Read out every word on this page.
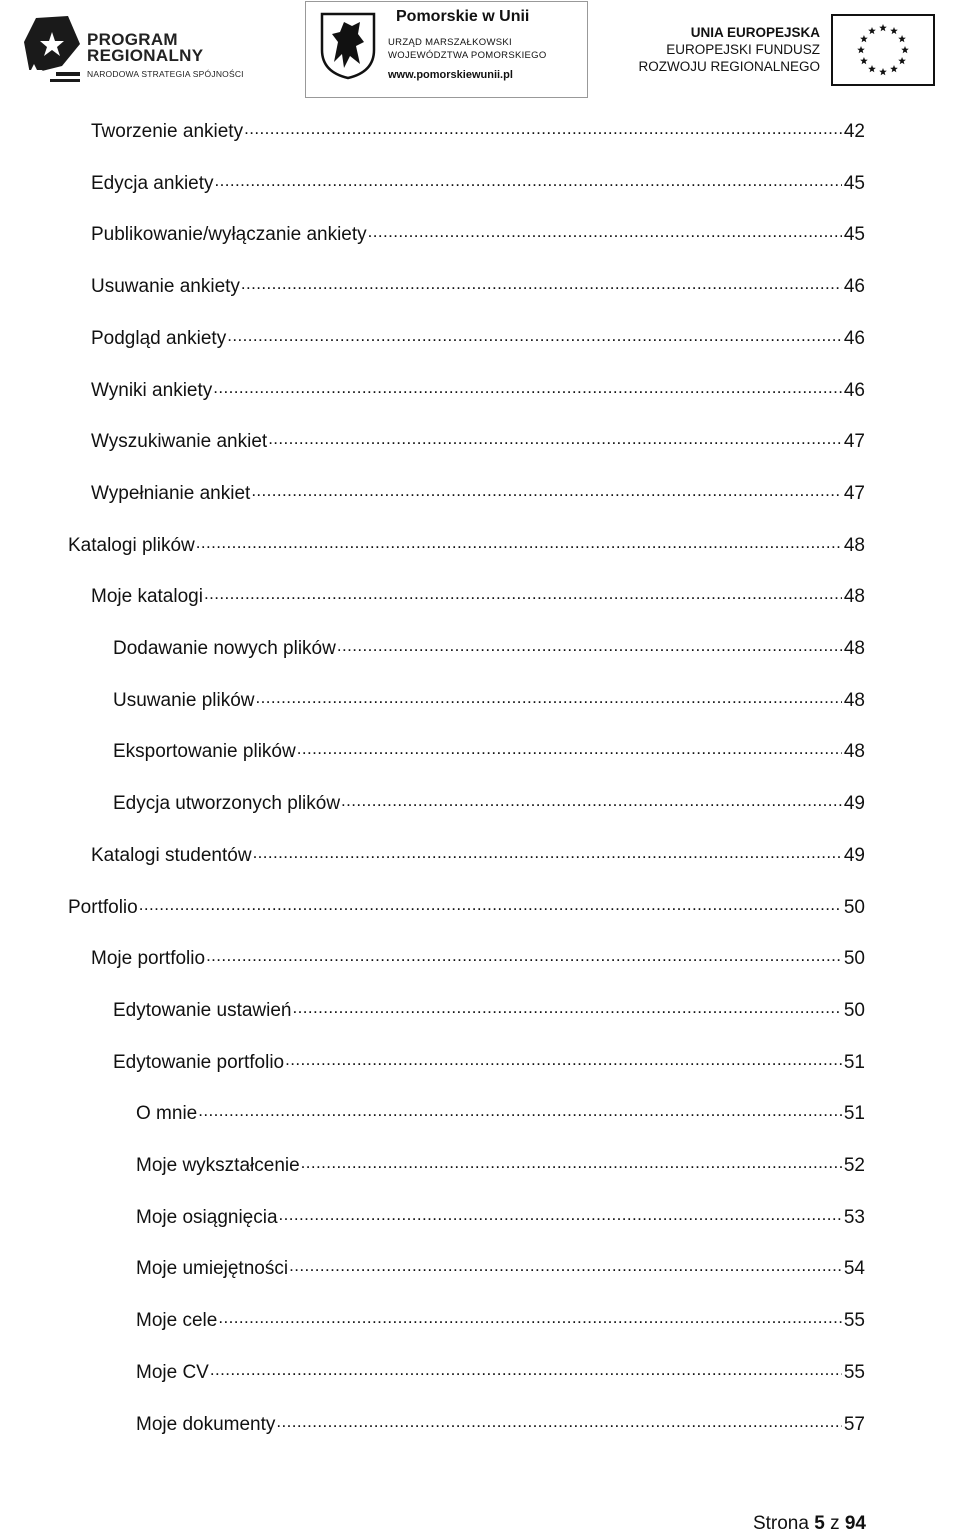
PROGRAM
REGIONALNY
NARODOWA STRATEGIA SPÓJNOŚCI
Pomorskie w Unii
URZĄD MARSZAŁKOWSKI
WOJEWÓDZTWA POMORSKIEGO
www.pomorskiewunii.pl
UNIA EUROPEJSKA
EUROPEJSKI FUNDUSZ
ROZWOJU REGIONALNEGO
Tworzenie ankiety .....	42
Edycja ankiety .....	45
Publikowanie/wyłączanie ankiety .....	45
Usuwanie ankiety .....	46
Podgląd ankiety .....	46
Wyniki ankiety .....	46
Wyszukiwanie ankiet .....	47
Wypełnianie ankiet .....	47
Katalogi plików .....	48
Moje katalogi .....	48
Dodawanie nowych plików .....	48
Usuwanie plików .....	48
Eksportowanie plików .....	48
Edycja utworzonych plików .....	49
Katalogi studentów .....	49
Portfolio .....	50
Moje portfolio .....	50
Edytowanie ustawień .....	50
Edytowanie portfolio .....	51
O mnie .....	51
Moje wykształcenie .....	52
Moje osiągnięcia .....	53
Moje umiejętności .....	54
Moje cele .....	55
Moje CV .....	55
Moje dokumenty .....	57
Strona 5 z 94
